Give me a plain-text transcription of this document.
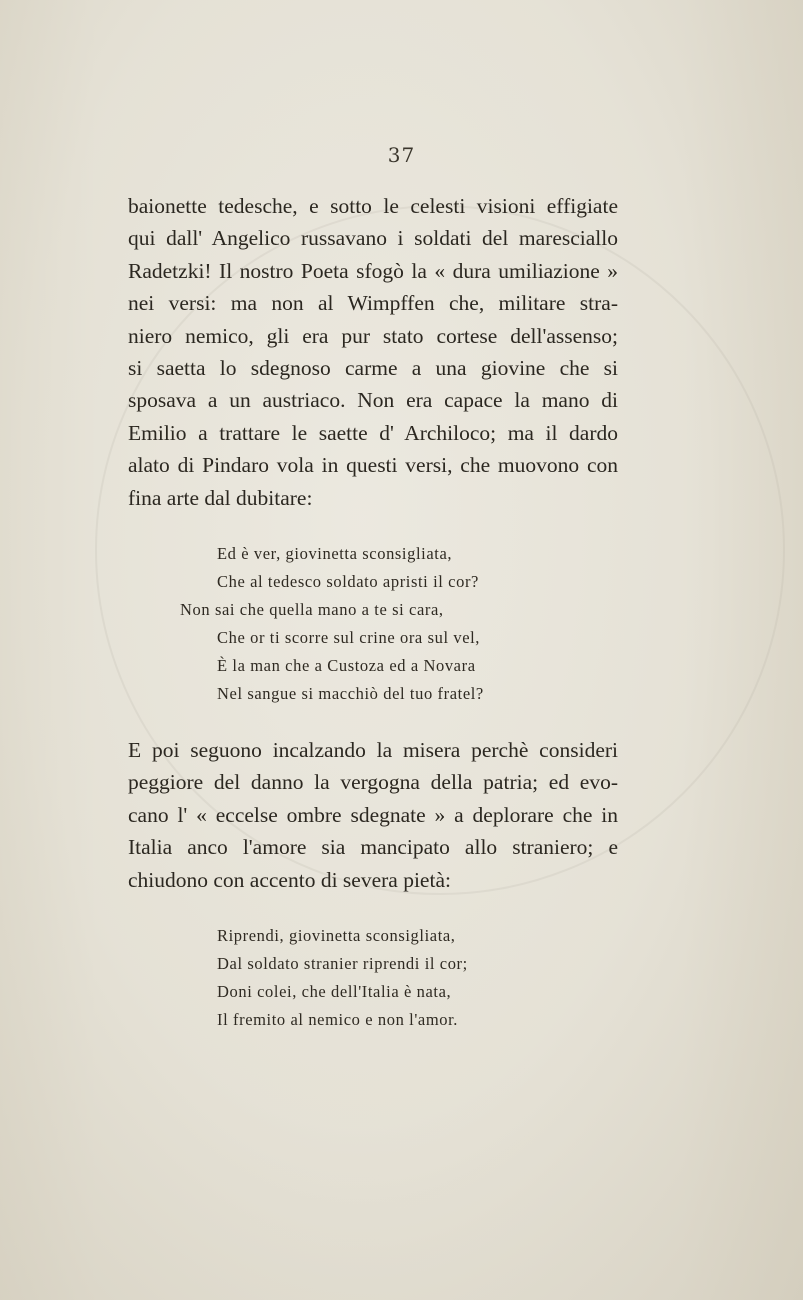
37
baionette tedesche, e sotto le celesti visioni effigiate
qui dall' Angelico russavano i soldati del maresciallo
Radetzki! Il nostro Poeta sfogò la « dura umiliazione »
nei versi: ma non al Wimpffen che, militare stra-
niero nemico, gli era pur stato cortese dell'assenso;
si saetta lo sdegnoso carme a una giovine che si
sposava a un austriaco. Non era capace la mano di
Emilio a trattare le saette d' Archiloco; ma il dardo
alato di Pindaro vola in questi versi, che muovono con
fina arte dal dubitare:
Ed è ver, giovinetta sconsigliata,
Che al tedesco soldato apristi il cor?
Non sai che quella mano a te si cara,
Che or ti scorre sul crine ora sul vel,
È la man che a Custoza ed a Novara
Nel sangue si macchiò del tuo fratel?
E poi seguono incalzando la misera perchè consideri
peggiore del danno la vergogna della patria; ed evo-
cano l' « eccelse ombre sdegnate » a deplorare che in
Italia anco l'amore sia mancipato allo straniero; e
chiudono con accento di severa pietà:
Riprendi, giovinetta sconsigliata,
Dal soldato stranier riprendi il cor;
Doni colei, che dell'Italia è nata,
Il fremito al nemico e non l'amor.
